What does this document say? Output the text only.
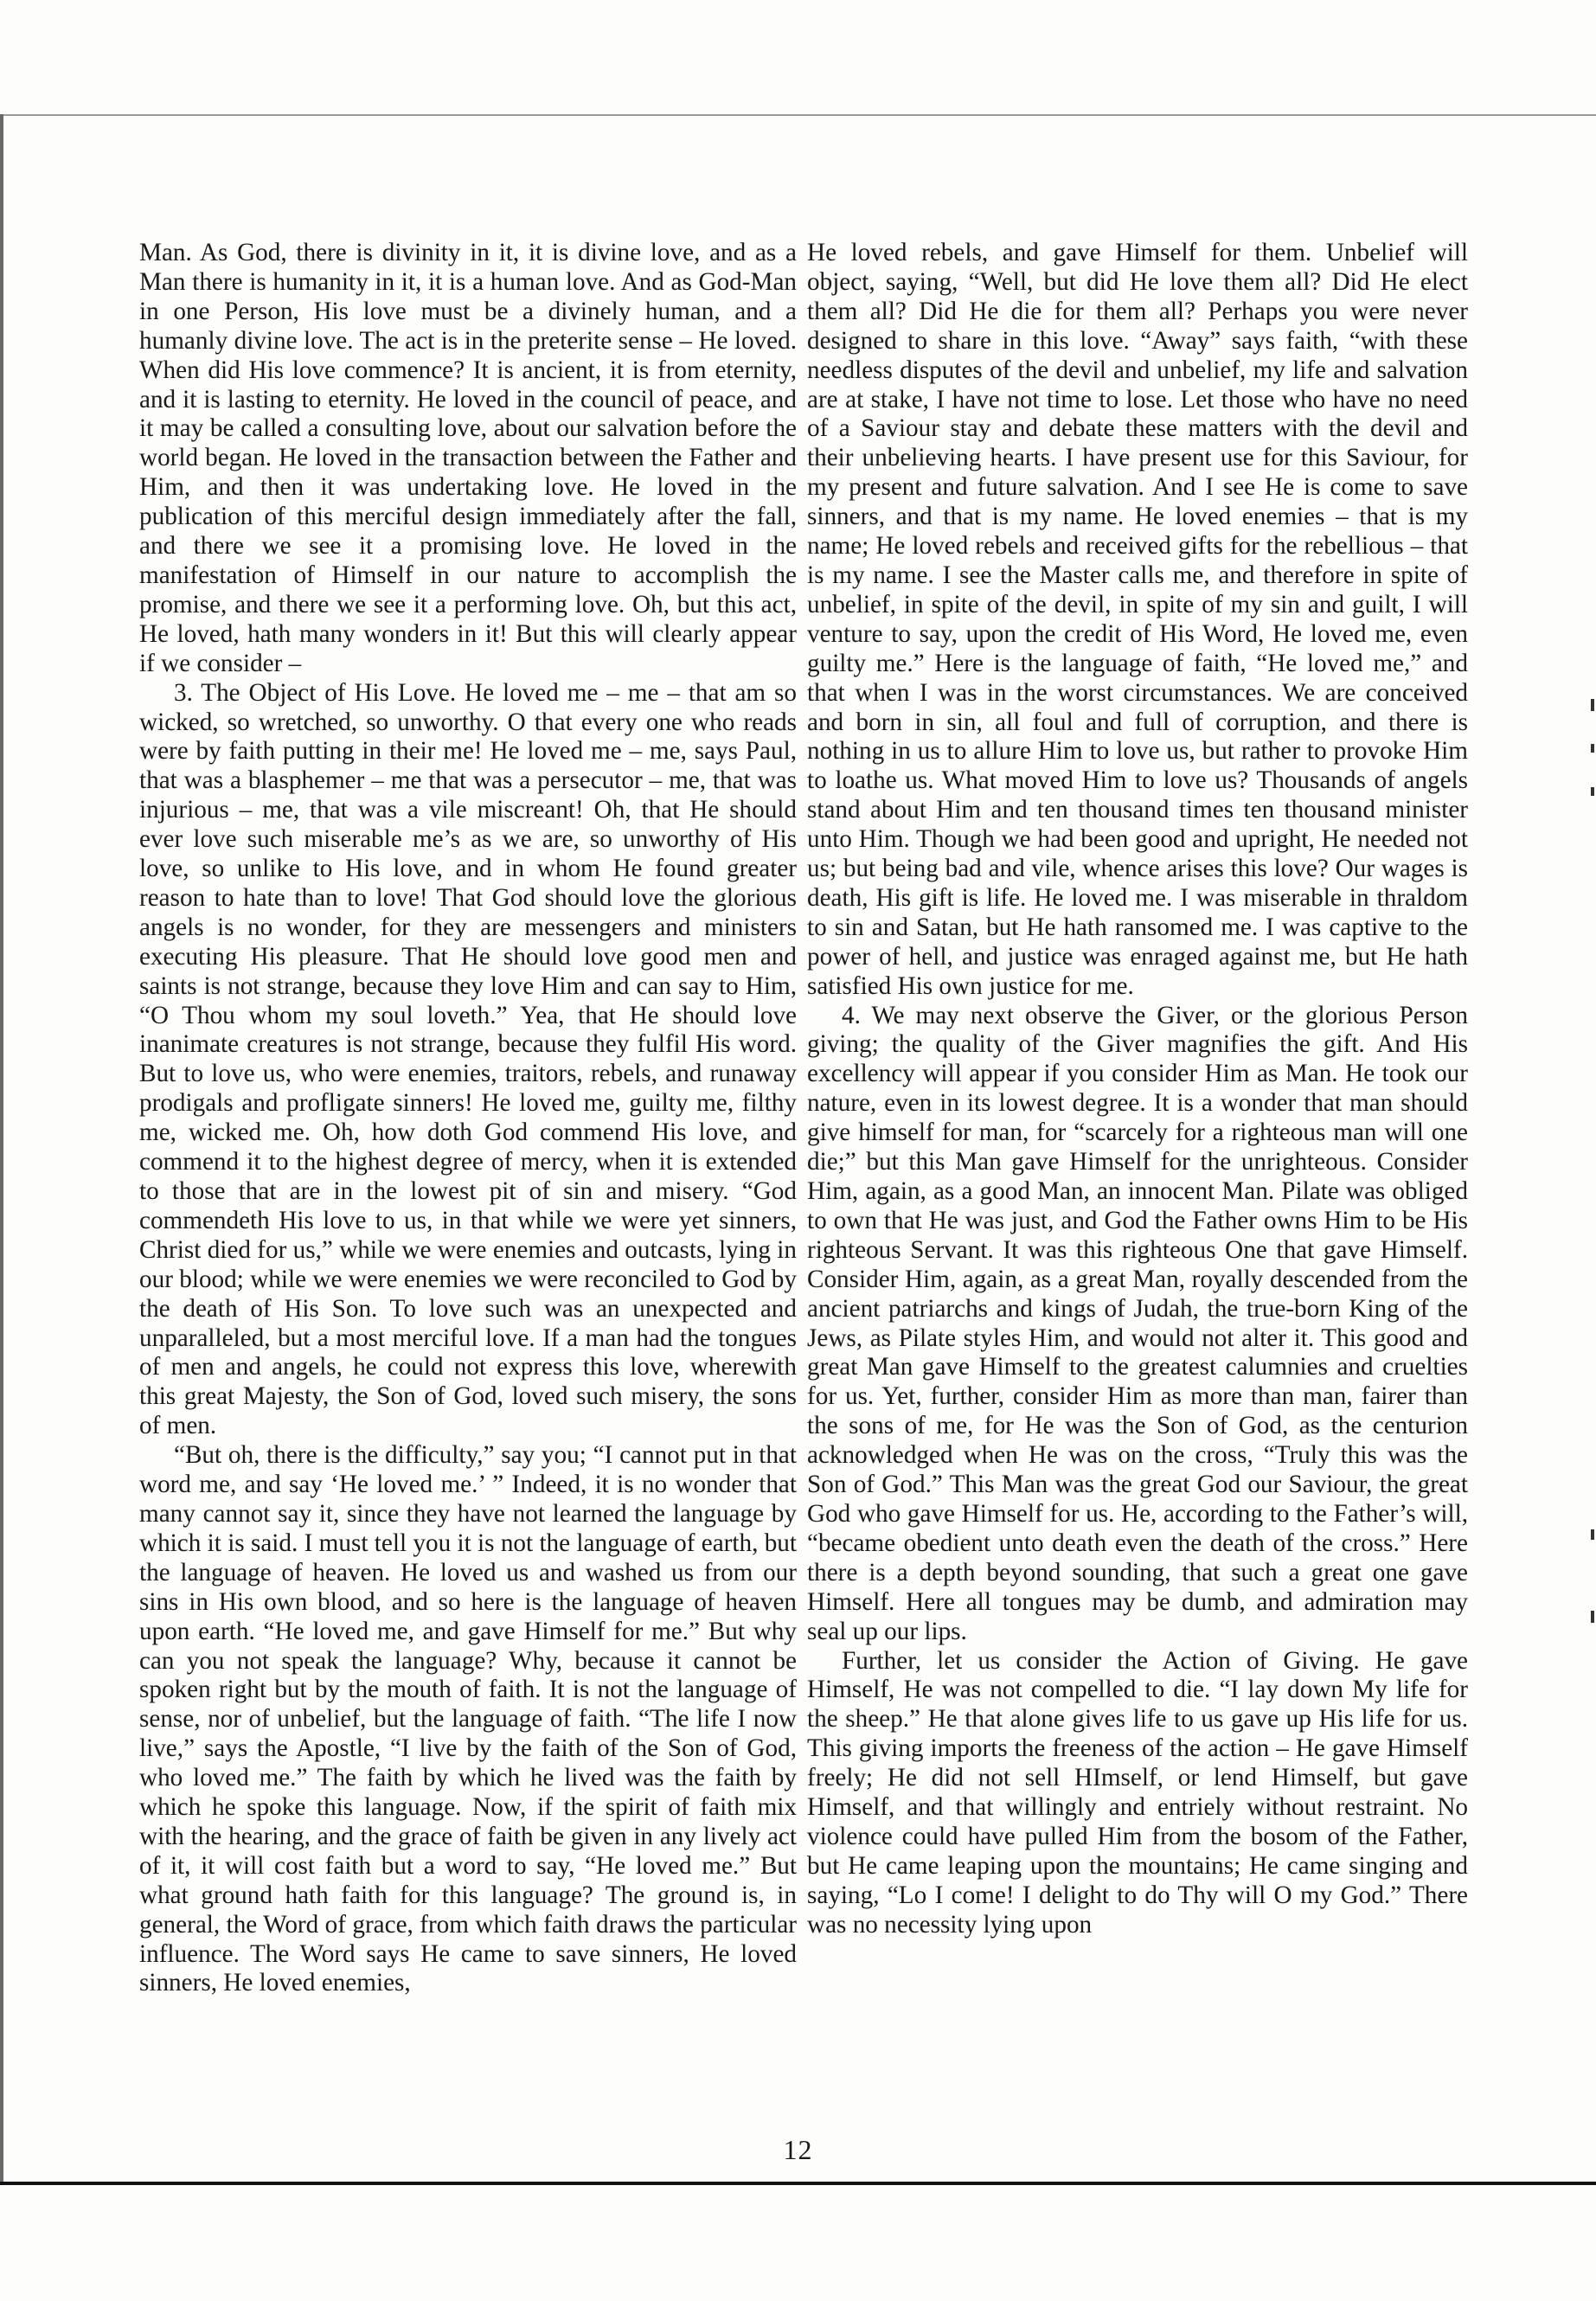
Man. As God, there is divinity in it, it is divine love, and as a Man there is humanity in it, it is a human love. And as God-Man in one Person, His love must be a divinely human, and a humanly divine love. The act is in the preterite sense – He loved. When did His love commence? It is ancient, it is from eternity, and it is lasting to eternity. He loved in the council of peace, and it may be called a consulting love, about our salvation before the world began. He loved in the transaction between the Father and Him, and then it was undertaking love. He loved in the publication of this merciful design immediately after the fall, and there we see it a promising love. He loved in the manifestation of Himself in our nature to accomplish the promise, and there we see it a performing love. Oh, but this act, He loved, hath many wonders in it! But this will clearly appear if we consider –

3. The Object of His Love. He loved me – me – that am so wicked, so wretched, so unworthy. O that every one who reads were by faith putting in their me! He loved me – me, says Paul, that was a blasphemer – me that was a persecutor – me, that was injurious – me, that was a vile miscreant! Oh, that He should ever love such miserable me’s as we are, so unworthy of His love, so unlike to His love, and in whom He found greater reason to hate than to love! That God should love the glorious angels is no wonder, for they are messengers and ministers executing His pleasure. That He should love good men and saints is not strange, because they love Him and can say to Him, “O Thou whom my soul loveth.” Yea, that He should love inanimate creatures is not strange, because they fulfil His word. But to love us, who were enemies, traitors, rebels, and runaway prodigals and profligate sinners! He loved me, guilty me, filthy me, wicked me. Oh, how doth God commend His love, and commend it to the highest degree of mercy, when it is extended to those that are in the lowest pit of sin and misery. “God commendeth His love to us, in that while we were yet sinners, Christ died for us,” while we were enemies and outcasts, lying in our blood; while we were enemies we were reconciled to God by the death of His Son. To love such was an unexpected and unparalleled, but a most merciful love. If a man had the tongues of men and angels, he could not express this love, wherewith this great Majesty, the Son of God, loved such misery, the sons of men.

“But oh, there is the difficulty,” say you; “I cannot put in that word me, and say ‘He loved me.’ ” Indeed, it is no wonder that many cannot say it, since they have not learned the language by which it is said. I must tell you it is not the language of earth, but the language of heaven. He loved us and washed us from our sins in His own blood, and so here is the language of heaven upon earth. “He loved me, and gave Himself for me.” But why can you not speak the language? Why, because it cannot be spoken right but by the mouth of faith. It is not the language of sense, nor of unbelief, but the language of faith. “The life I now live,” says the Apostle, “I live by the faith of the Son of God, who loved me.” The faith by which he lived was the faith by which he spoke this language. Now, if the spirit of faith mix with the hearing, and the grace of faith be given in any lively act of it, it will cost faith but a word to say, “He loved me.” But what ground hath faith for this language? The ground is, in general, the Word of grace, from which faith draws the particular influence. The Word says He came to save sinners, He loved sinners, He loved enemies,

He loved rebels, and gave Himself for them. Unbelief will object, saying, “Well, but did He love them all? Did He elect them all? Did He die for them all? Perhaps you were never designed to share in this love. “Away” says faith, “with these needless disputes of the devil and unbelief, my life and salvation are at stake, I have not time to lose. Let those who have no need of a Saviour stay and debate these matters with the devil and their unbelieving hearts. I have present use for this Saviour, for my present and future salvation. And I see He is come to save sinners, and that is my name. He loved enemies – that is my name; He loved rebels and received gifts for the rebellious – that is my name. I see the Master calls me, and therefore in spite of unbelief, in spite of the devil, in spite of my sin and guilt, I will venture to say, upon the credit of His Word, He loved me, even guilty me.” Here is the language of faith, “He loved me,” and that when I was in the worst circumstances. We are conceived and born in sin, all foul and full of corruption, and there is nothing in us to allure Him to love us, but rather to provoke Him to loathe us. What moved Him to love us? Thousands of angels stand about Him and ten thousand times ten thousand minister unto Him. Though we had been good and upright, He needed not us; but being bad and vile, whence arises this love? Our wages is death, His gift is life. He loved me. I was miserable in thraldom to sin and Satan, but He hath ransomed me. I was captive to the power of hell, and justice was enraged against me, but He hath satisfied His own justice for me.

4. We may next observe the Giver, or the glorious Person giving; the quality of the Giver magnifies the gift. And His excellency will appear if you consider Him as Man. He took our nature, even in its lowest degree. It is a wonder that man should give himself for man, for “scarcely for a righteous man will one die;” but this Man gave Himself for the unrighteous. Consider Him, again, as a good Man, an innocent Man. Pilate was obliged to own that He was just, and God the Father owns Him to be His righteous Servant. It was this righteous One that gave Himself. Consider Him, again, as a great Man, royally descended from the ancient patriarchs and kings of Judah, the true-born King of the Jews, as Pilate styles Him, and would not alter it. This good and great Man gave Himself to the greatest calumnies and cruelties for us. Yet, further, consider Him as more than man, fairer than the sons of me, for He was the Son of God, as the centurion acknowledged when He was on the cross, “Truly this was the Son of God.” This Man was the great God our Saviour, the great God who gave Himself for us. He, according to the Father’s will, “became obedient unto death even the death of the cross.” Here there is a depth beyond sounding, that such a great one gave Himself. Here all tongues may be dumb, and admiration may seal up our lips.

Further, let us consider the Action of Giving. He gave Himself, He was not compelled to die. “I lay down My life for the sheep.” He that alone gives life to us gave up His life for us. This giving imports the freeness of the action – He gave Himself freely; He did not sell HImself, or lend Himself, but gave Himself, and that willingly and entriely without restraint. No violence could have pulled Him from the bosom of the Father, but He came leaping upon the mountains; He came singing and saying, “Lo I come! I delight to do Thy will O my God.” There was no necessity lying upon

12
